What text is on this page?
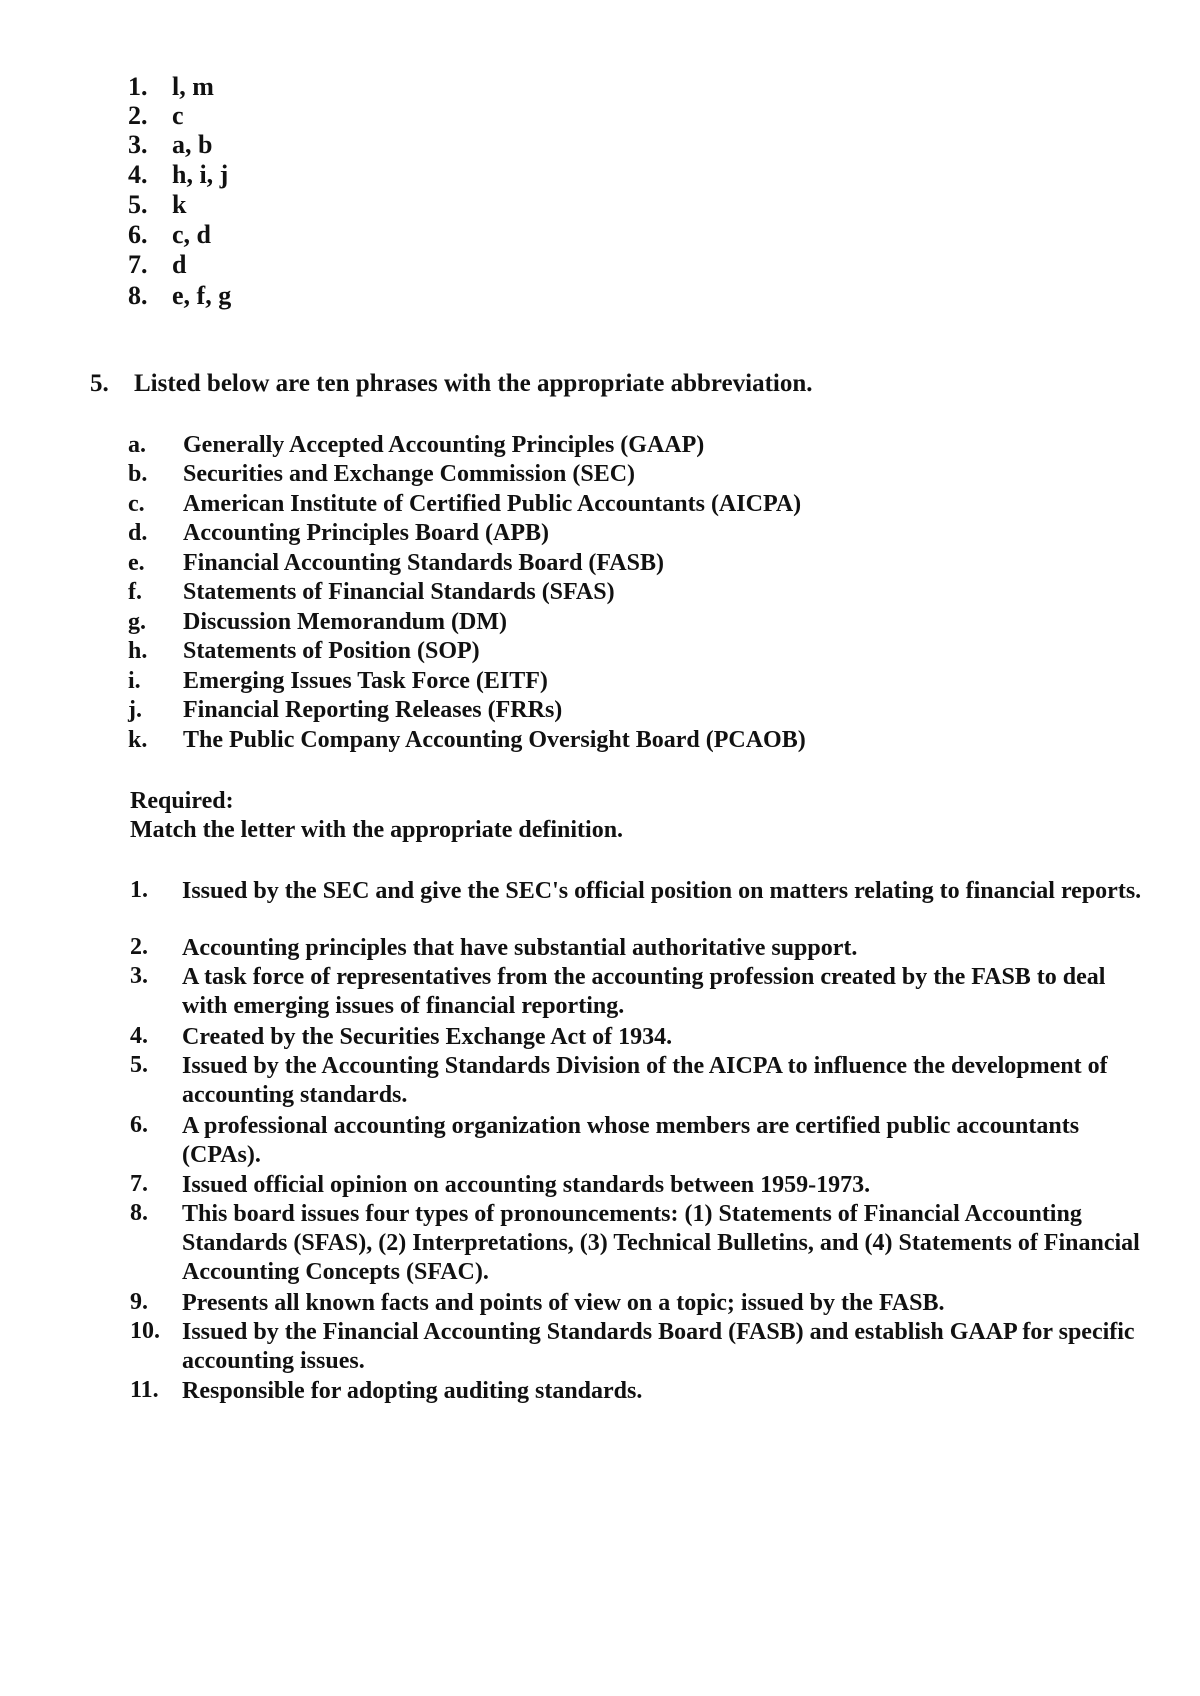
1. l, m
2. c
3. a, b
4. h, i, j
5. k
6. c, d
7. d
8. e, f, g
5.	Listed below are ten phrases with the appropriate abbreviation.
a.	Generally Accepted Accounting Principles (GAAP)
b.	Securities and Exchange Commission (SEC)
c.	American Institute of Certified Public Accountants (AICPA)
d.	Accounting Principles Board (APB)
e.	Financial Accounting Standards Board (FASB)
f.	Statements of Financial Standards (SFAS)
g.	Discussion Memorandum (DM)
h.	Statements of Position (SOP)
i.	Emerging Issues Task Force (EITF)
j.	Financial Reporting Releases (FRRs)
k.	The Public Company Accounting Oversight Board (PCAOB)
Required:
Match the letter with the appropriate definition.
1.	Issued by the SEC and give the SEC's official position on matters relating to financial reports.
2.	Accounting principles that have substantial authoritative support.
3.	A task force of representatives from the accounting profession created by the FASB to deal with emerging issues of financial reporting.
4.	Created by the Securities Exchange Act of 1934.
5.	Issued by the Accounting Standards Division of the AICPA to influence the development of accounting standards.
6.	A professional accounting organization whose members are certified public accountants (CPAs).
7.	Issued official opinion on accounting standards between 1959-1973.
8.	This board issues four types of pronouncements: (1) Statements of Financial Accounting Standards (SFAS), (2) Interpretations, (3) Technical Bulletins, and (4) Statements of Financial Accounting Concepts (SFAC).
9.	Presents all known facts and points of view on a topic; issued by the FASB.
10. Issued by the Financial Accounting Standards Board (FASB) and establish GAAP for specific accounting issues.
11. Responsible for adopting auditing standards.
